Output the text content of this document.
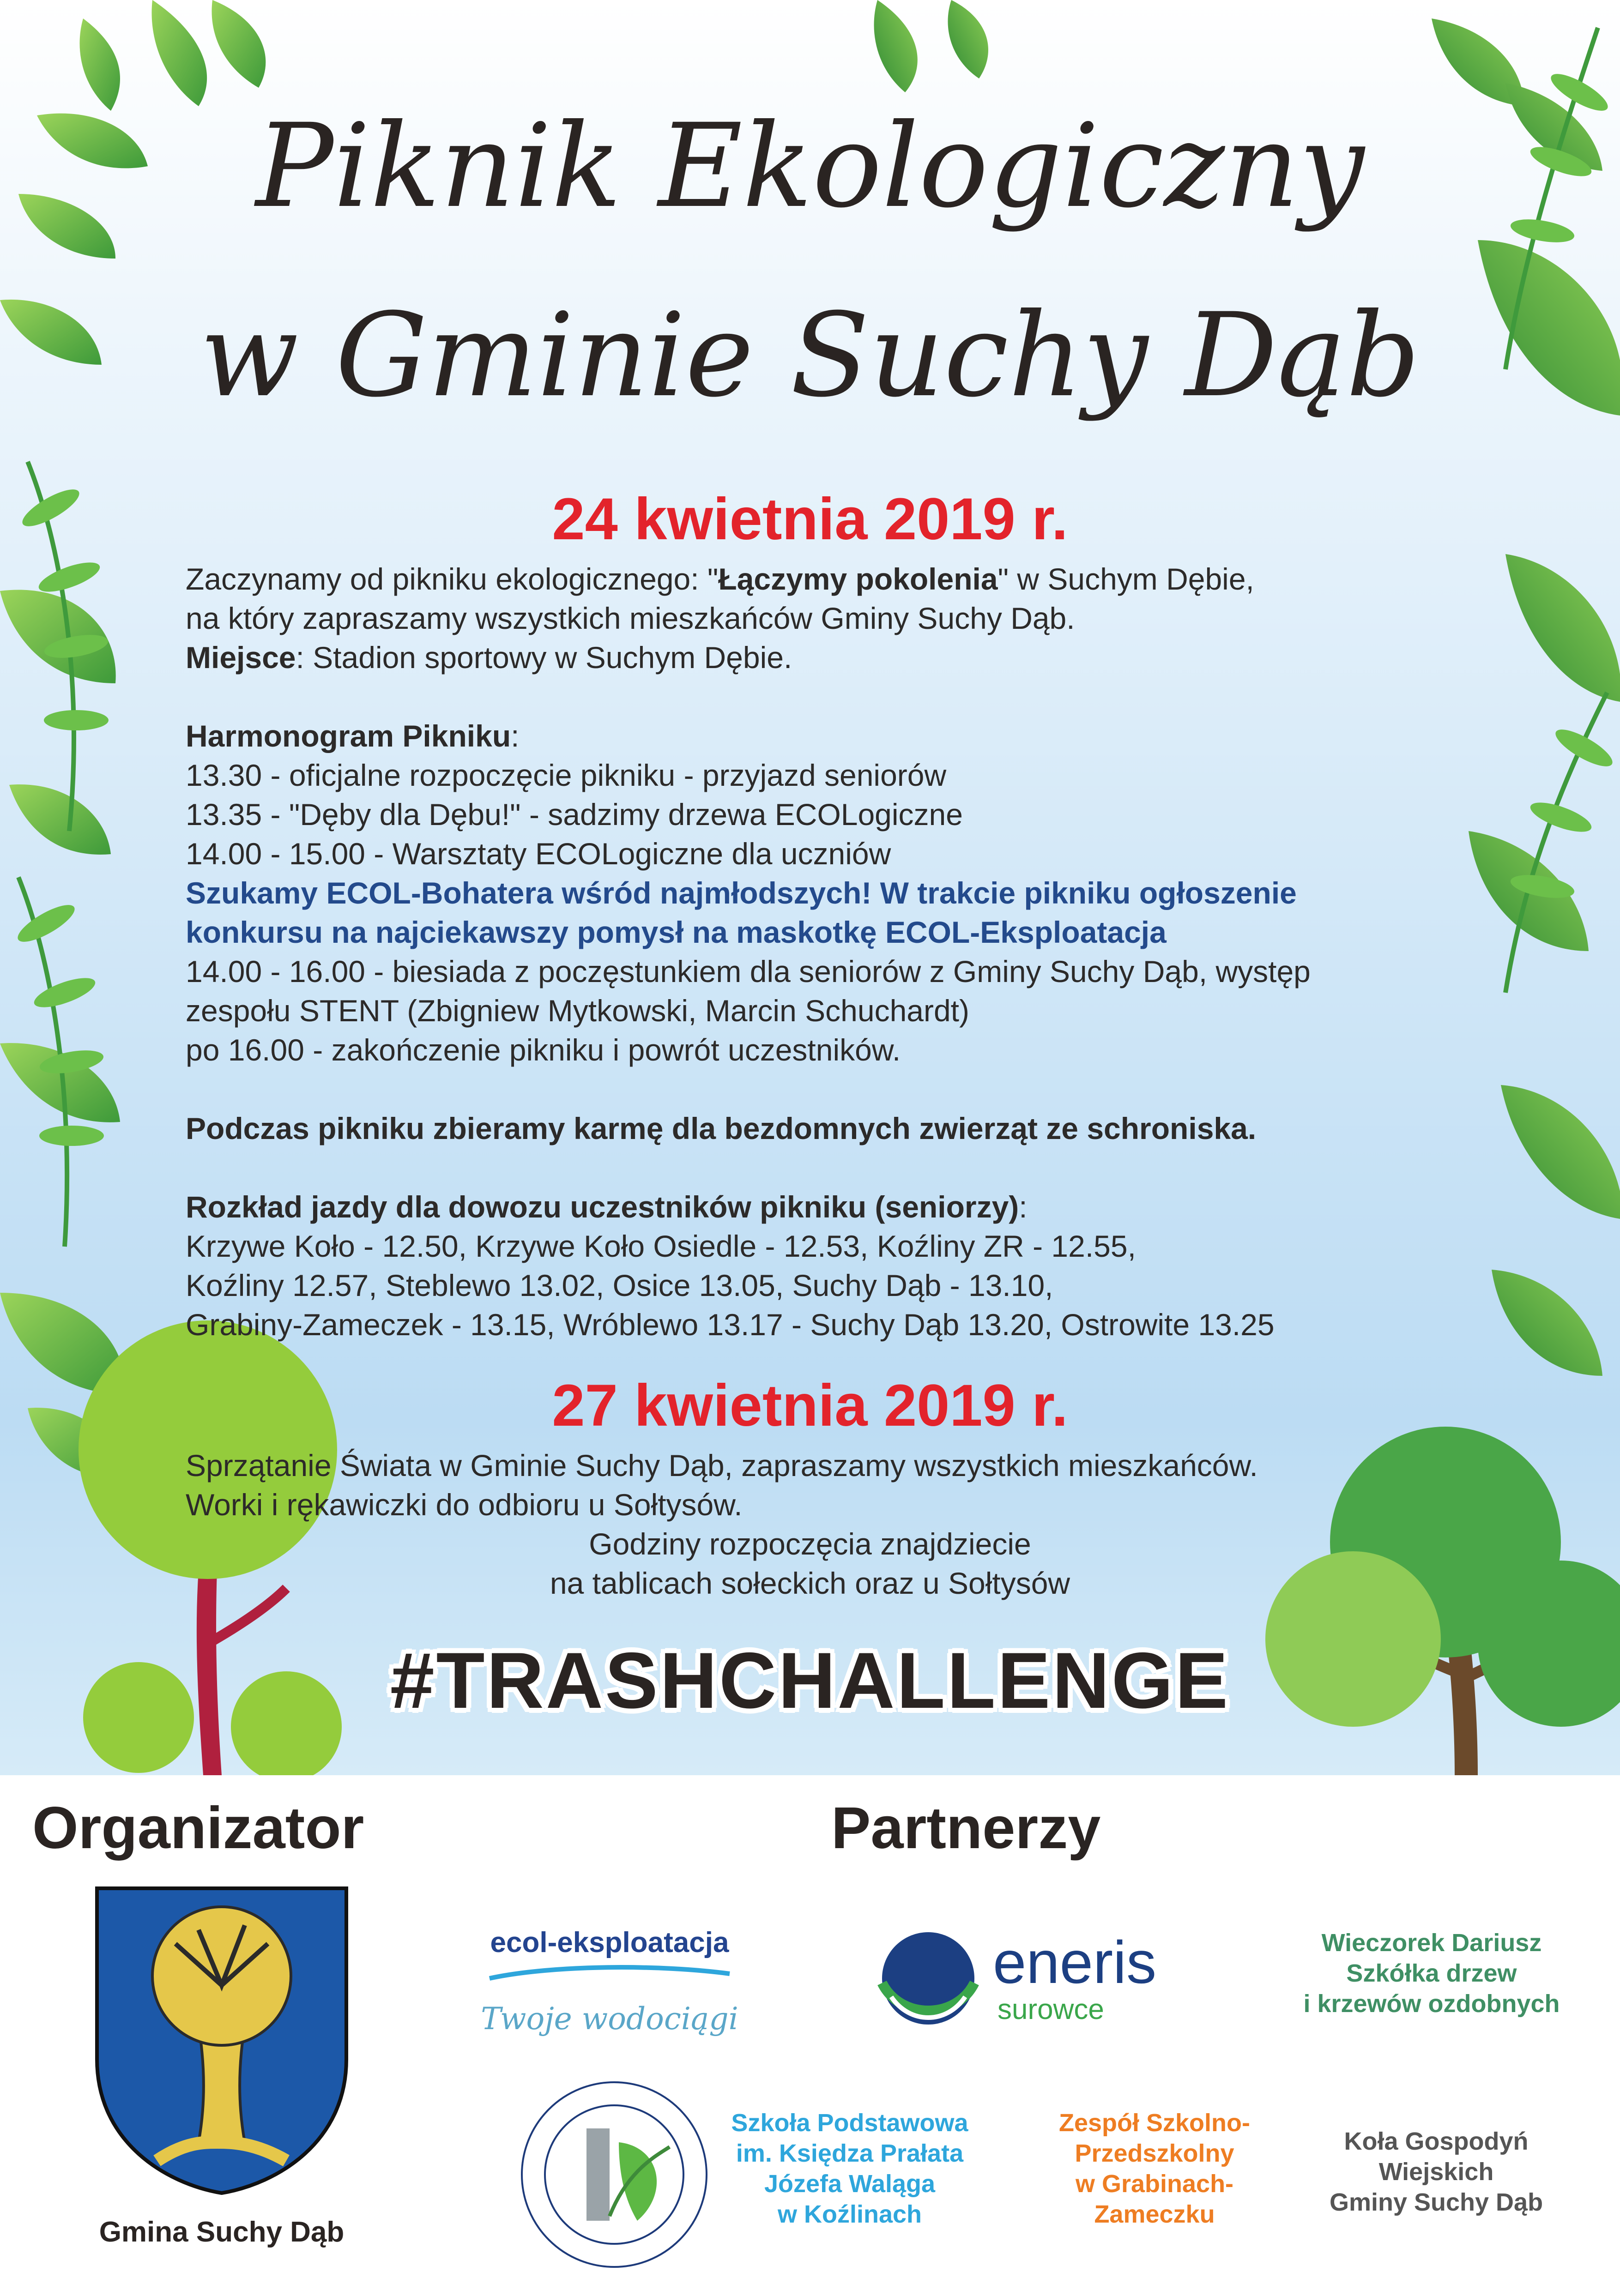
Piknik Ekologiczny
w Gminie Suchy Dąb
24 kwietnia 2019 r.
Zaczynamy od pikniku ekologicznego: "Łączymy pokolenia" w Suchym Dębie,
na który zapraszamy wszystkich mieszkańców Gminy Suchy Dąb.
Miejsce: Stadion sportowy w Suchym Dębie.
Harmonogram Pikniku:
13.30 - oficjalne rozpoczęcie pikniku - przyjazd seniorów
13.35 - "Dęby dla Dębu!" - sadzimy drzewa ECOLogiczne
14.00 - 15.00 - Warsztaty ECOLogiczne dla uczniów
Szukamy ECOL-Bohatera wśród najmłodszych! W trakcie pikniku ogłoszenie
konkursu na najciekawszy pomysł na maskotkę ECOL-Eksploatacja
14.00 - 16.00 - biesiada z poczęstunkiem dla seniorów z Gminy Suchy Dąb, występ
zespołu STENT (Zbigniew Mytkowski, Marcin Schuchardt)
po 16.00 - zakończenie pikniku i powrót uczestników.
Podczas pikniku zbieramy karmę dla bezdomnych zwierząt ze schroniska.
Rozkład jazdy dla dowozu uczestników pikniku (seniorzy):
Krzywe Koło - 12.50, Krzywe Koło Osiedle - 12.53, Koźliny ZR - 12.55,
Koźliny 12.57, Steblewo 13.02, Osice 13.05, Suchy Dąb - 13.10,
Grabiny-Zameczek - 13.15, Wróblewo 13.17 - Suchy Dąb 13.20, Ostrowite 13.25
27 kwietnia 2019 r.
Sprzątanie Świata w Gminie Suchy Dąb, zapraszamy wszystkich mieszkańców.
Worki i rękawiczki do odbioru u Sołtysów.
Godziny rozpoczęcia znajdziecie
na tablicach sołeckich oraz u Sołtysów
#TRASHCHALLENGE
Organizator	Partnerzy
Gmina Suchy Dąb
ecol-eksploatacja
Twoje wodociągi
eneris
surowce
Wieczorek Dariusz
Szkółka drzew
i krzewów ozdobnych
Szkoła Podstawowa
im. Księdza Prałata
Józefa Waląga
w Koźlinach
Zespół Szkolno-
Przedszkolny
w Grabinach-
Zameczku
Koła Gospodyń
Wiejskich
Gminy Suchy Dąb
